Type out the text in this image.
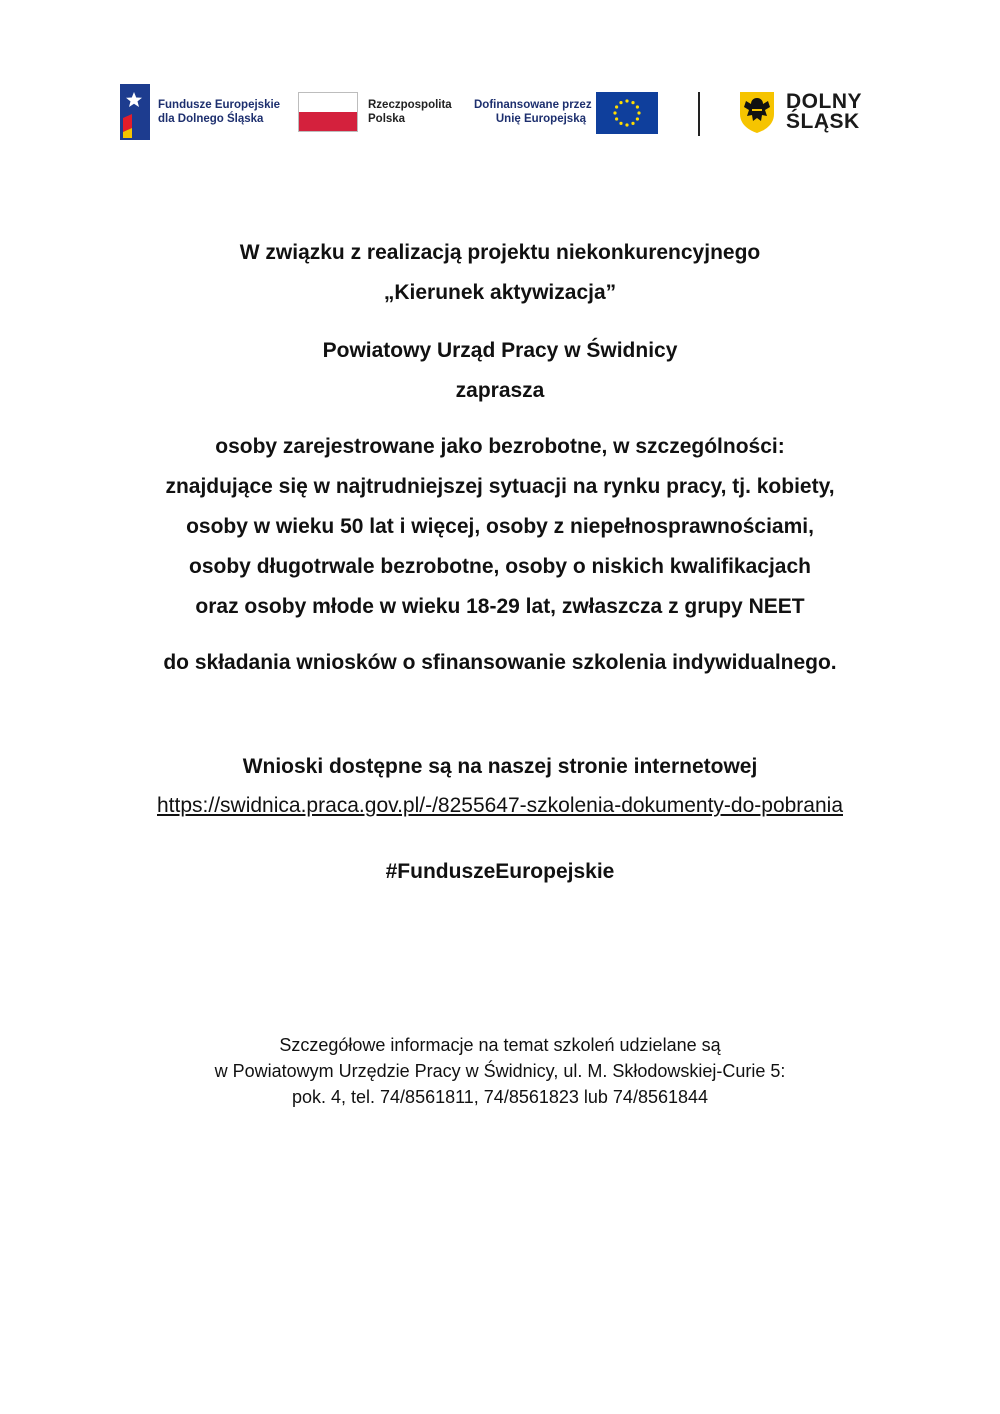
Fundusze Europejskie
dla Dolnego Śląska
Rzeczpospolita
Polska
Dofinansowane przez
Unię Europejską
DOLNY
ŚLĄSK

W związku z realizacją projektu niekonkurencyjnego

„Kierunek aktywizacja”

Powiatowy Urząd Pracy w Świdnicy

zaprasza

osoby zarejestrowane jako bezrobotne, w szczególności:

znajdujące się w najtrudniejszej sytuacji na rynku pracy, tj. kobiety,

osoby w wieku 50 lat i więcej, osoby z niepełnosprawnościami,

osoby długotrwale bezrobotne, osoby o niskich kwalifikacjach

oraz osoby młode w wieku 18-29 lat, zwłaszcza z grupy NEET

do składania wniosków o sfinansowanie szkolenia indywidualnego.

Wnioski dostępne są na naszej stronie internetowej

https://swidnica.praca.gov.pl/-/8255647-szkolenia-dokumenty-do-pobrania

#FunduszeEuropejskie

Szczegółowe informacje na temat szkoleń udzielane są

w Powiatowym Urzędzie Pracy w Świdnicy, ul. M. Skłodowskiej-Curie 5:

pok. 4, tel. 74/8561811, 74/8561823 lub 74/8561844
